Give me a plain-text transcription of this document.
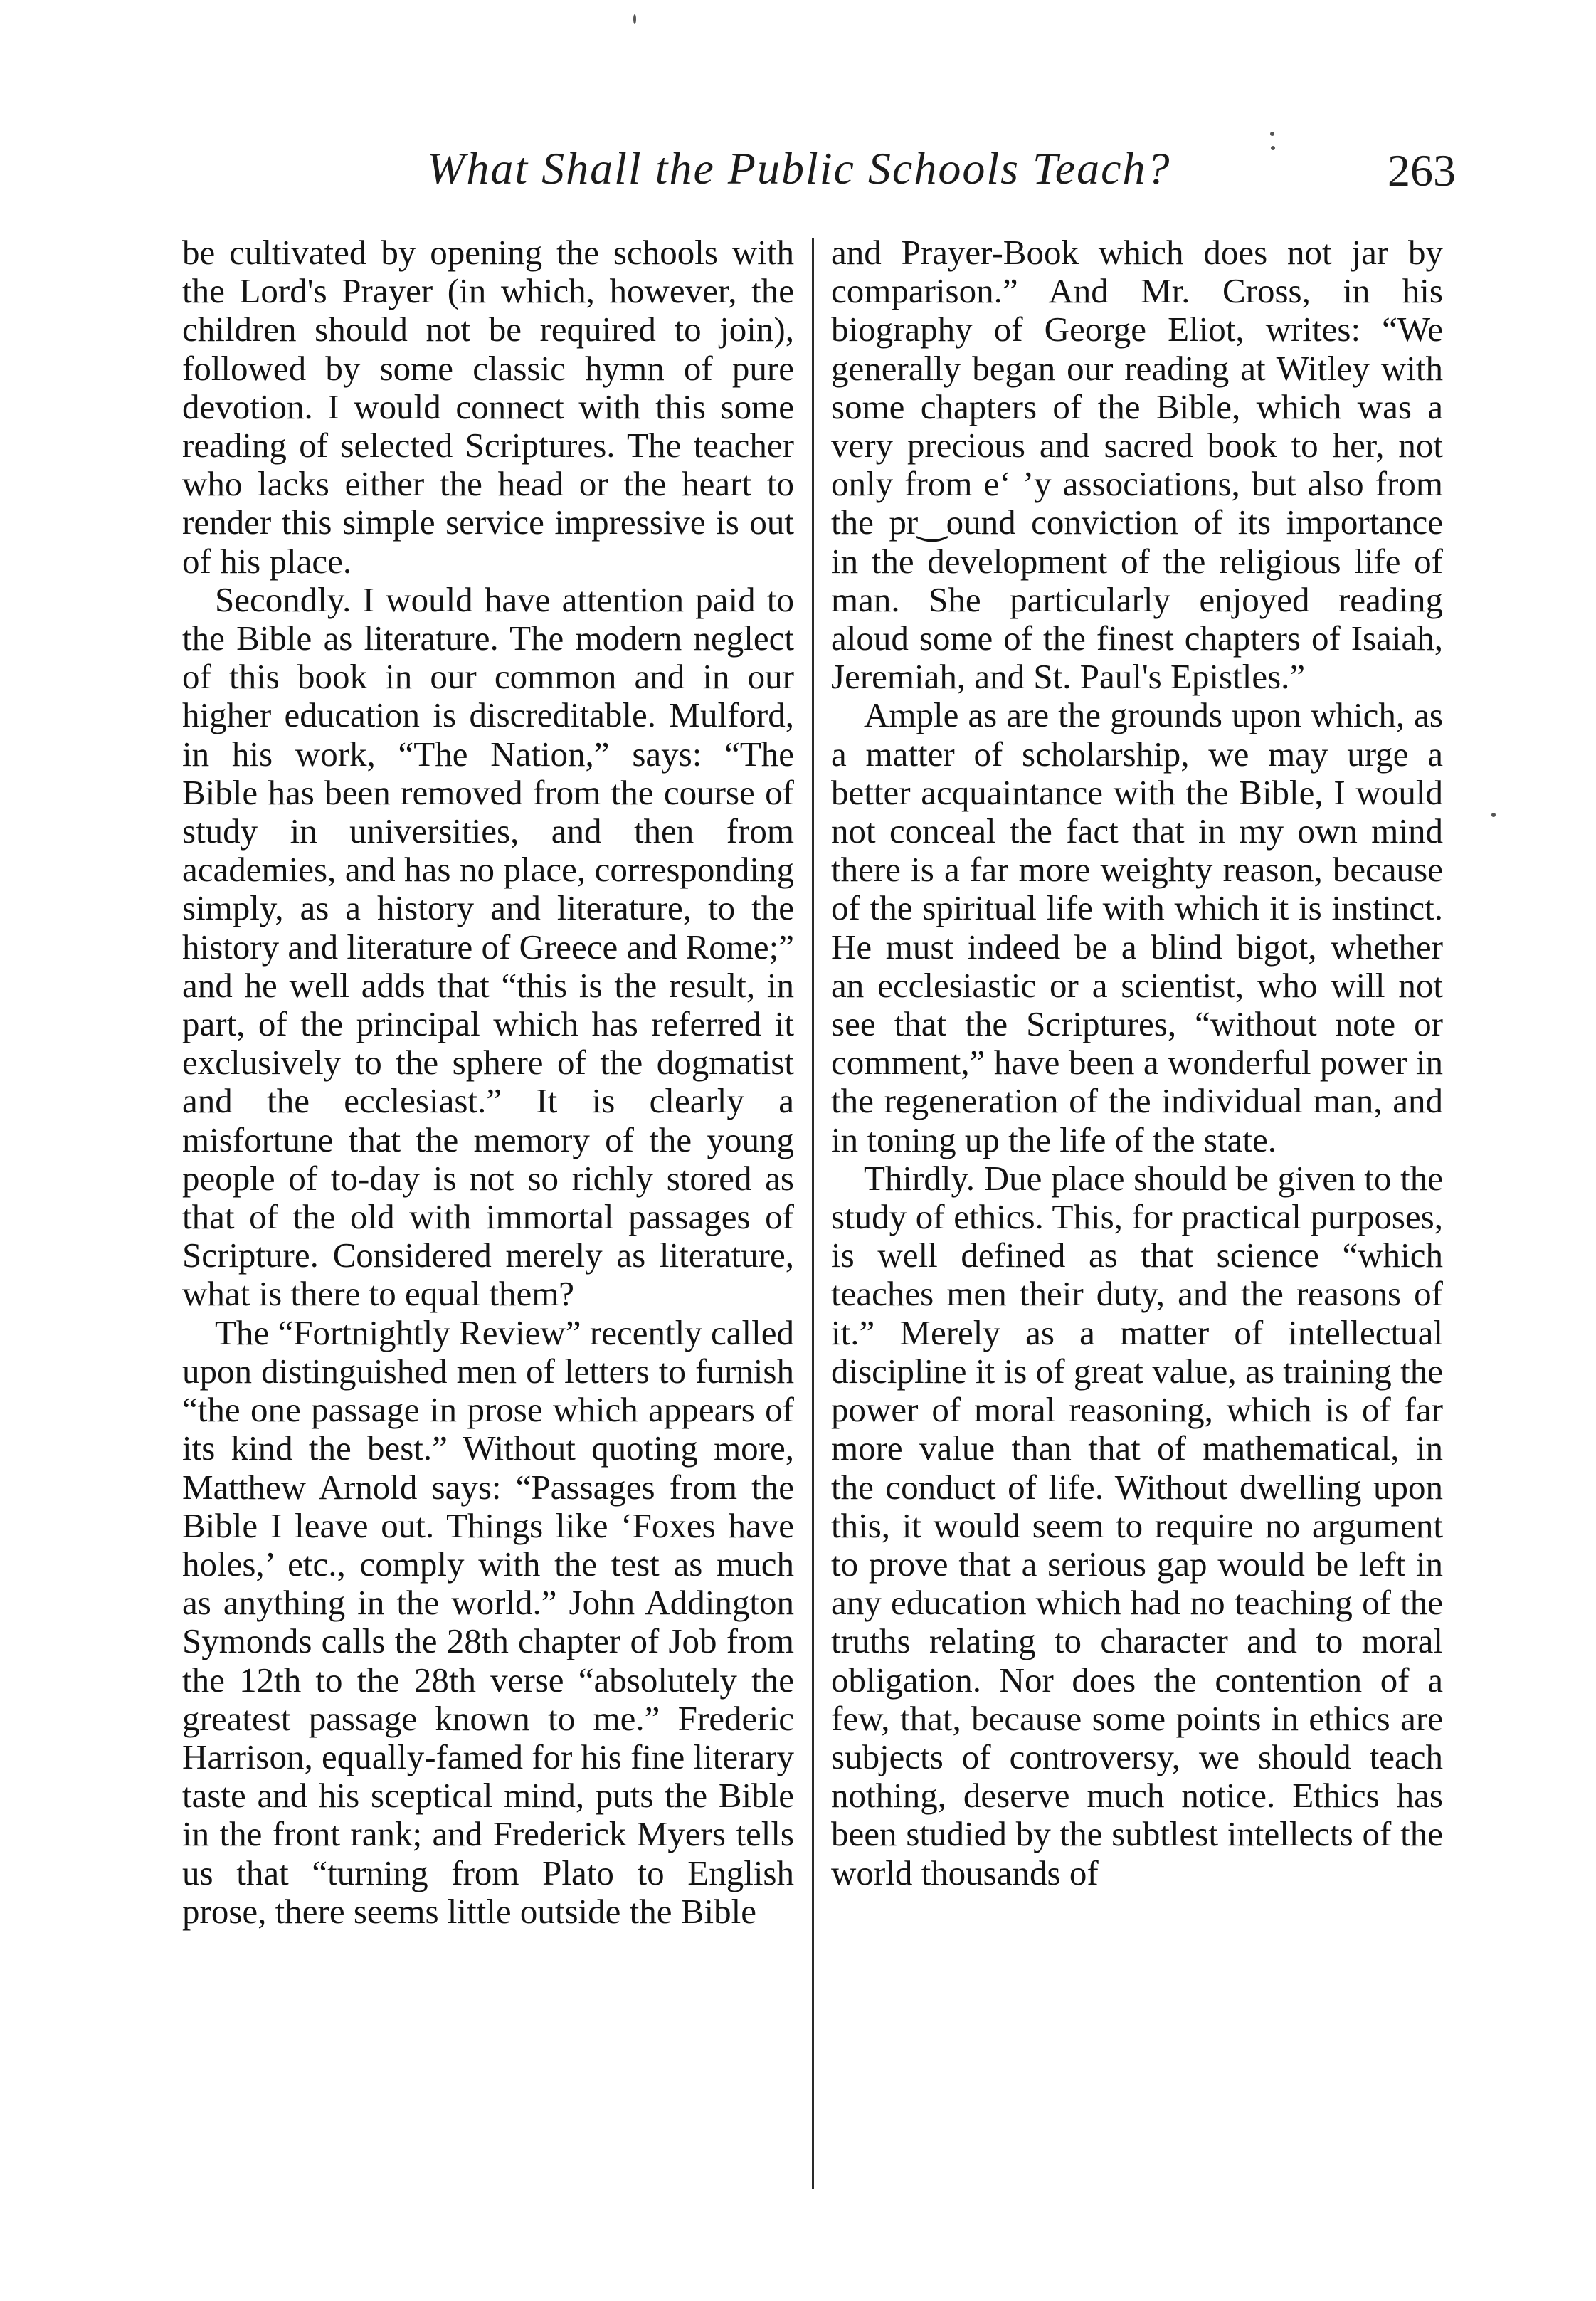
What Shall the Public Schools Teach?	263

be cultivated by opening the schools with the Lord's Prayer (in which, however, the children should not be required to join), followed by some classic hymn of pure devotion. I would connect with this some reading of selected Scriptures. The teacher who lacks either the head or the heart to render this simple service impressive is out of his place.

Secondly. I would have attention paid to the Bible as literature. The modern neglect of this book in our common and in our higher education is discreditable. Mulford, in his work, “The Nation,” says: “The Bible has been removed from the course of study in universities, and then from academies, and has no place, corresponding simply, as a history and literature, to the history and literature of Greece and Rome;” and he well adds that “this is the result, in part, of the principal which has referred it exclusively to the sphere of the dogmatist and the ecclesiast.” It is clearly a misfortune that the memory of the young people of to-day is not so richly stored as that of the old with immortal passages of Scripture. Considered merely as literature, what is there to equal them?

The “Fortnightly Review” recently called upon distinguished men of letters to furnish “the one passage in prose which appears of its kind the best.” Without quoting more, Matthew Arnold says: “Passages from the Bible I leave out. Things like ‘Foxes have holes,’ etc., comply with the test as much as anything in the world.” John Addington Symonds calls the 28th chapter of Job from the 12th to the 28th verse “absolutely the greatest passage known to me.” Frederic Harrison, equally-famed for his fine literary taste and his sceptical mind, puts the Bible in the front rank; and Frederick Myers tells us that “turning from Plato to English prose, there seems little outside the Bible

and Prayer-Book which does not jar by comparison.” And Mr. Cross, in his biography of George Eliot, writes: “We generally began our reading at Witley with some chapters of the Bible, which was a very precious and sacred book to her, not only from e‘ ’y associations, but also from the pr‿ound conviction of its importance in the development of the religious life of man. She particularly enjoyed reading aloud some of the finest chapters of Isaiah, Jeremiah, and St. Paul's Epistles.”

Ample as are the grounds upon which, as a matter of scholarship, we may urge a better acquaintance with the Bible, I would not conceal the fact that in my own mind there is a far more weighty reason, because of the spiritual life with which it is instinct. He must indeed be a blind bigot, whether an ecclesiastic or a scientist, who will not see that the Scriptures, “without note or comment,” have been a wonderful power in the regeneration of the individual man, and in toning up the life of the state.

Thirdly. Due place should be given to the study of ethics. This, for practical purposes, is well defined as that science “which teaches men their duty, and the reasons of it.” Merely as a matter of intellectual discipline it is of great value, as training the power of moral reasoning, which is of far more value than that of mathematical, in the conduct of life. Without dwelling upon this, it would seem to require no argument to prove that a serious gap would be left in any education which had no teaching of the truths relating to character and to moral obligation. Nor does the contention of a few, that, because some points in ethics are subjects of controversy, we should teach nothing, deserve much notice. Ethics has been studied by the subtlest intellects of the world thousands of
